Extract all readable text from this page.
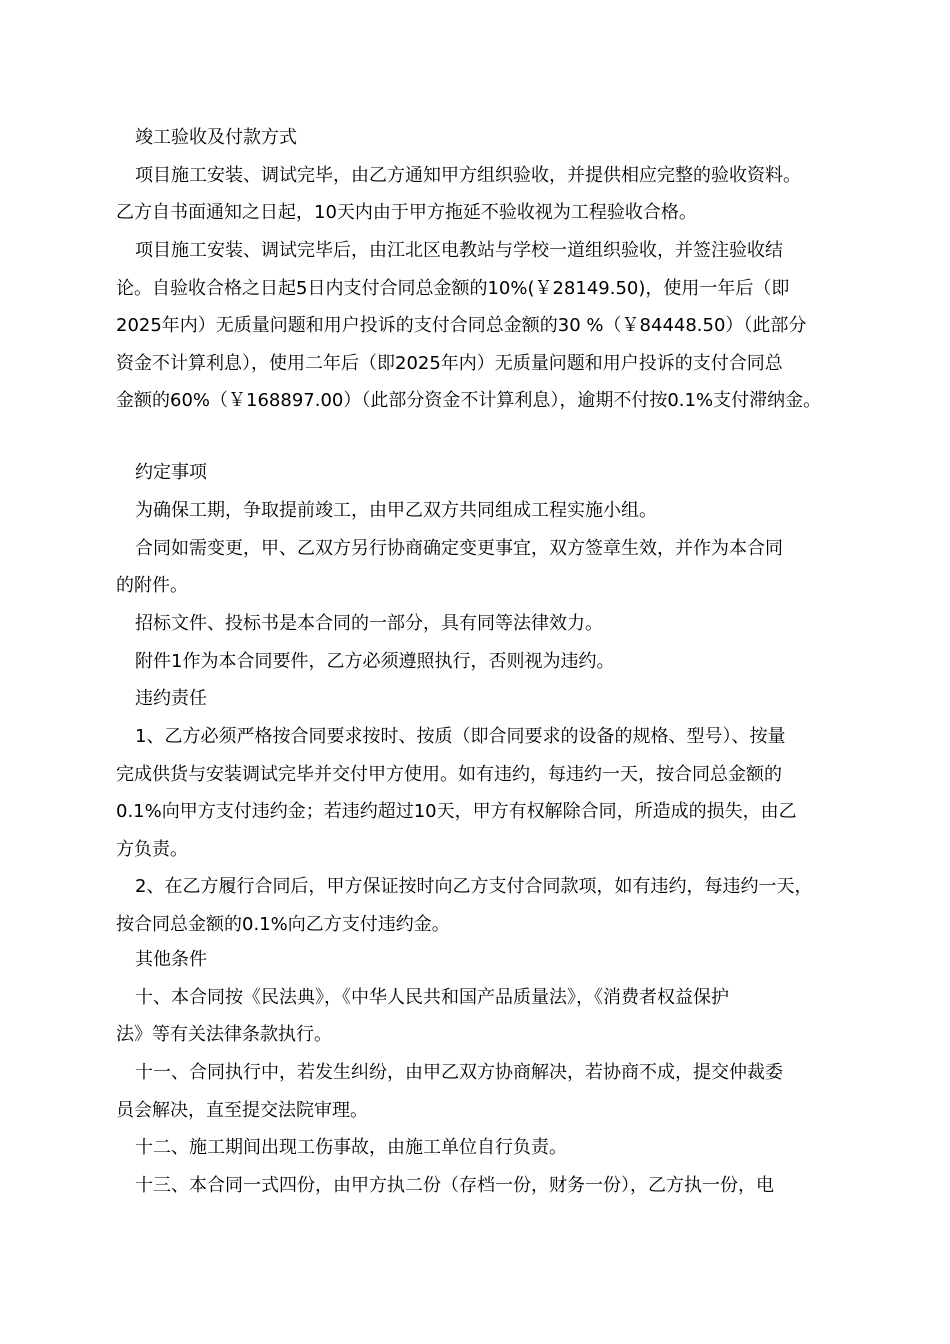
竣工验收及付款方式
项目施工安装、调试完毕，由乙方通知甲方组织验收，并提供相应完整的验收资料。
乙方自书面通知之日起，10天内由于甲方拖延不验收视为工程验收合格。
项目施工安装、调试完毕后，由江北区电教站与学校一道组织验收，并签注验收结
论。自验收合格之日起5日内支付合同总金额的10%(￥28149.50)，使用一年后（即
2025年内）无质量问题和用户投诉的支付合同总金额的30 %（￥84448.50）（此部分
资金不计算利息），使用二年后（即2025年内）无质量问题和用户投诉的支付合同总
金额的60%（￥168897.00）（此部分资金不计算利息），逾期不付按0.1%支付滞纳金。
约定事项
为确保工期，争取提前竣工，由甲乙双方共同组成工程实施小组。
合同如需变更，甲、乙双方另行协商确定变更事宜，双方签章生效，并作为本合同
的附件。
招标文件、投标书是本合同的一部分，具有同等法律效力。
附件1作为本合同要件，乙方必须遵照执行，否则视为违约。
违约责任
1、乙方必须严格按合同要求按时、按质（即合同要求的设备的规格、型号）、按量
完成供货与安装调试完毕并交付甲方使用。如有违约，每违约一天，按合同总金额的
0.1%向甲方支付违约金；若违约超过10天，甲方有权解除合同，所造成的损失，由乙
方负责。
2、在乙方履行合同后，甲方保证按时向乙方支付合同款项，如有违约，每违约一天，
按合同总金额的0.1%向乙方支付违约金。
其他条件
十、本合同按《民法典》，《中华人民共和国产品质量法》，《消费者权益保护
法》等有关法律条款执行。
十一、合同执行中，若发生纠纷，由甲乙双方协商解决，若协商不成，提交仲裁委
员会解决，直至提交法院审理。
十二、施工期间出现工伤事故，由施工单位自行负责。
十三、本合同一式四份，由甲方执二份（存档一份，财务一份），乙方执一份，电
